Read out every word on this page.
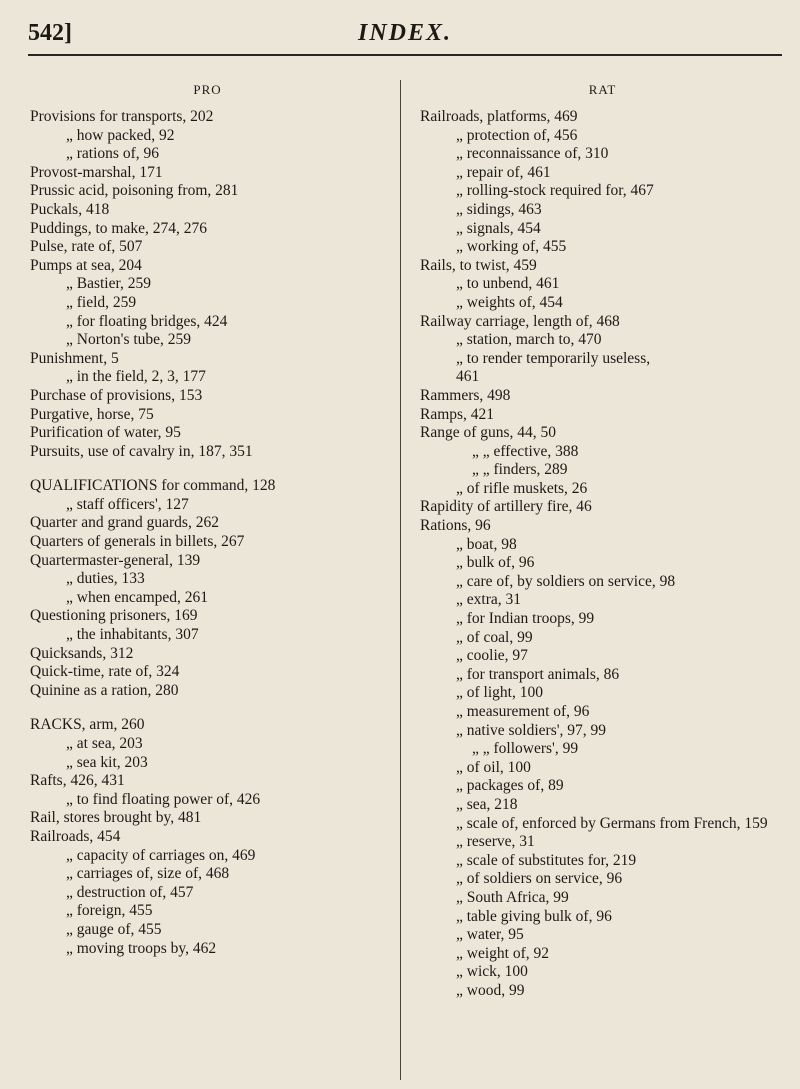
542]	INDEX.
PRO
Provisions for transports, 202
„ how packed, 92
„ rations of, 96
Provost-marshal, 171
Prussic acid, poisoning from, 281
Puckals, 418
Puddings, to make, 274, 276
Pulse, rate of, 507
Pumps at sea, 204
„ Bastier, 259
„ field, 259
„ for floating bridges, 424
„ Norton's tube, 259
Punishment, 5
„ in the field, 2, 3, 177
Purchase of provisions, 153
Purgative, horse, 75
Purification of water, 95
Pursuits, use of cavalry in, 187, 351
QUALIFICATIONS for command, 128
„ staff officers', 127
Quarter and grand guards, 262
Quarters of generals in billets, 267
Quartermaster-general, 139
„ duties, 133
„ when encamped, 261
Questioning prisoners, 169
„ the inhabitants, 307
Quicksands, 312
Quick-time, rate of, 324
Quinine as a ration, 280
RACKS, arm, 260
„ at sea, 203
„ sea kit, 203
Rafts, 426, 431
„ to find floating power of, 426
Rail, stores brought by, 481
Railroads, 454
„ capacity of carriages on, 469
„ carriages of, size of, 468
„ destruction of, 457
„ foreign, 455
„ gauge of, 455
„ moving troops by, 462
RAT
Railroads, platforms, 469
„ protection of, 456
„ reconnaissance of, 310
„ repair of, 461
„ rolling-stock required for, 467
„ sidings, 463
„ signals, 454
„ working of, 455
Rails, to twist, 459
„ to unbend, 461
„ weights of, 454
Railway carriage, length of, 468
„ station, march to, 470
„ to render temporarily useless,
461
Rammers, 498
Ramps, 421
Range of guns, 44, 50
„ „ effective, 388
„ „ finders, 289
„ of rifle muskets, 26
Rapidity of artillery fire, 46
Rations, 96
„ boat, 98
„ bulk of, 96
„ care of, by soldiers on service, 98
„ extra, 31
„ for Indian troops, 99
„ of coal, 99
„ coolie, 97
„ for transport animals, 86
„ of light, 100
„ measurement of, 96
„ native soldiers', 97, 99
„ „ followers', 99
„ of oil, 100
„ packages of, 89
„ sea, 218
„ scale of, enforced by Germans from French, 159
„ reserve, 31
„ scale of substitutes for, 219
„ of soldiers on service, 96
„ South Africa, 99
„ table giving bulk of, 96
„ water, 95
„ weight of, 92
„ wick, 100
„ wood, 99
